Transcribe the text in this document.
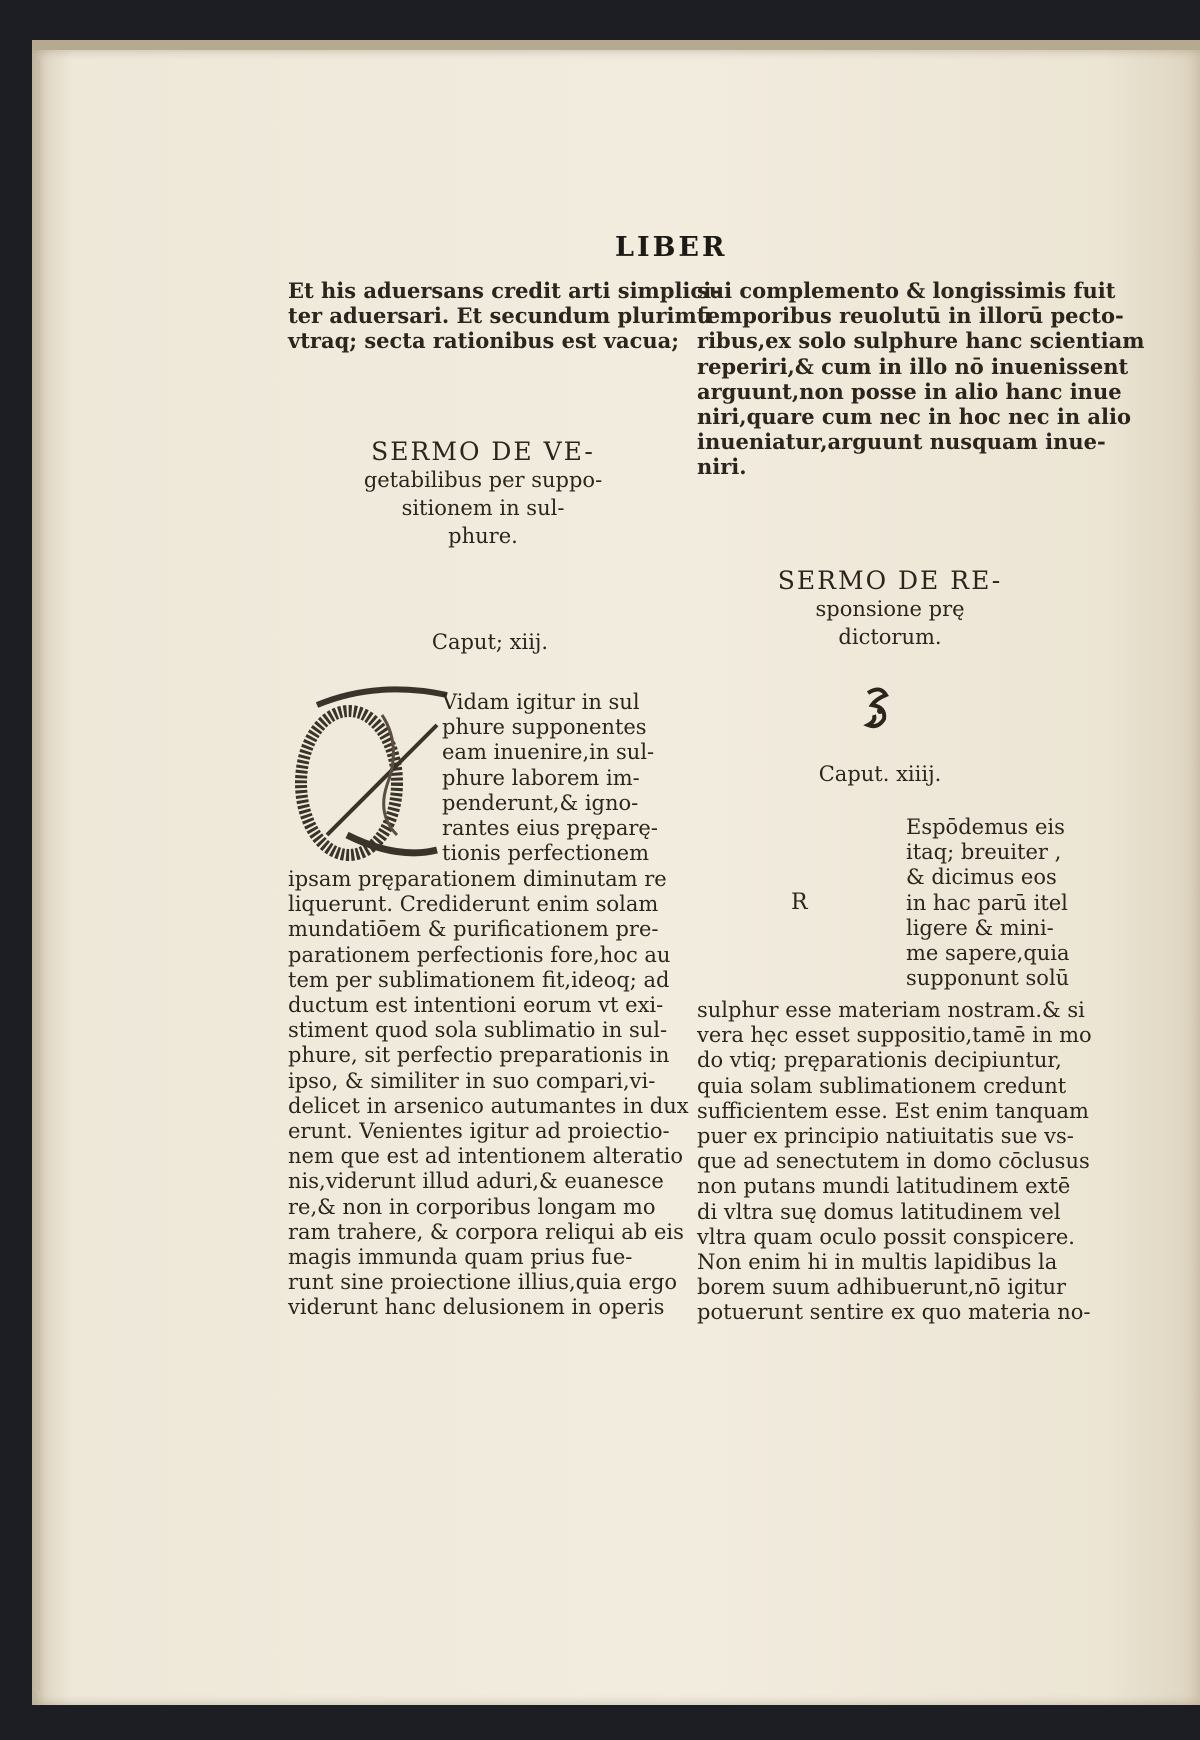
LIBER
Et his aduersans credit arti simplici-
ter aduersari. Et secundum plurimū
vtraq; secta rationibus est vacua;
SERMO DE VE-
getabilibus per suppo-
sitionem in sul-
phure.
Caput; xiij.
Vidam igitur in sul
phure supponentes
eam inuenire,in sul-
phure laborem im-
penderunt,& igno-
rantes eius pręparę-
tionis perfectionem
ipsam pręparationem diminutam re
liquerunt. Crediderunt enim solam
mundatiōem & purificationem pre-
parationem perfectionis fore,hoc au
tem per sublimationem fit,ideoq; ad
ductum est intentioni eorum vt exi-
stiment quod sola sublimatio in sul-
phure, sit perfectio preparationis in
ipso, & similiter in suo compari,vi-
delicet in arsenico autumantes in dux
erunt. Venientes igitur ad proiectio-
nem que est ad intentionem alteratio
nis,viderunt illud aduri,& euanesce
re,& non in corporibus longam mo
ram trahere, & corpora reliqui ab eis
magis immunda quam prius fue-
runt sine proiectione illius,quia ergo
viderunt hanc delusionem in operis
sui complemento & longissimis fuit
temporibus reuolutū in illorū pecto-
ribus,ex solo sulphure hanc scientiam
reperiri,& cum in illo nō inuenissent
arguunt,non posse in alio hanc inue
niri,quare cum nec in hoc nec in alio
inueniatur,arguunt nusquam inue-
niri.
SERMO DE RE-
sponsione prę
dictorum.
Caput. xiiij.
R
Espōdemus eis
itaq; breuiter ,
& dicimus eos
in hac parū itel
ligere & mini-
me sapere,quia
supponunt solū
sulphur esse materiam nostram.& si
vera hęc esset suppositio,tamē in mo
do vtiq; pręparationis decipiuntur,
quia solam sublimationem credunt
sufficientem esse. Est enim tanquam
puer ex principio natiuitatis sue vs-
que ad senectutem in domo cōclusus
non putans mundi latitudinem extē
di vltra suę domus latitudinem vel
vltra quam oculo possit conspicere.
Non enim hi in multis lapidibus la
borem suum adhibuerunt,nō igitur
potuerunt sentire ex quo materia no-
